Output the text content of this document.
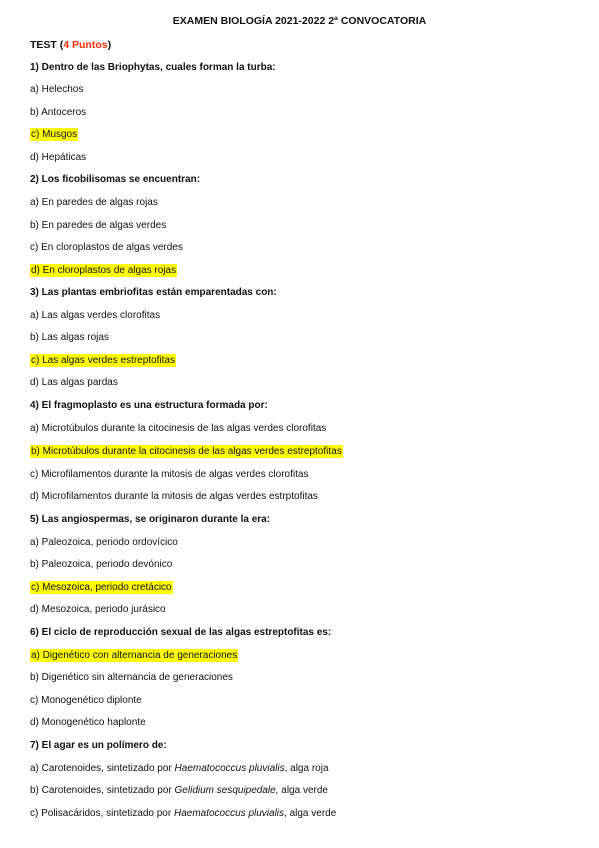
EXAMEN BIOLOGÍA 2021-2022 2ª CONVOCATORIA
TEST (4 Puntos)
1) Dentro de las Briophytas, cuales forman la turba:
a) Helechos
b) Antoceros
c) Musgos
d) Hepáticas
2) Los ficobilisomas se encuentran:
a) En paredes de algas rojas
b) En paredes de algas verdes
c) En cloroplastos de algas verdes
d) En cloroplastos de algas rojas
3) Las plantas embriofitas están emparentadas con:
a) Las algas verdes clorofitas
b) Las algas rojas
c) Las algas verdes estreptofitas
d) Las algas pardas
4) El fragmoplasto es una estructura formada por:
a) Microtúbulos durante la citocinesis de las algas verdes clorofitas
b) Microtúbulos durante la citocinesis de las algas verdes estreptofitas
c) Microfilamentos durante la mitosis de algas verdes clorofitas
d) Microfilamentos durante la mitosis de algas verdes estrptofitas
5) Las angiospermas, se originaron durante la era:
a) Paleozoica, periodo ordovícico
b) Paleozoica, periodo devónico
c) Mesozoica, periodo cretácico
d) Mesozoica, periodo jurásico
6) El ciclo de reproducción sexual de las algas estreptofitas es:
a) Digenético con alternancia de generaciones
b) Digenético sin alternancia de generaciones
c) Monogenético diplonte
d) Monogenético haplonte
7) El agar es un polímero de:
a) Carotenoides, sintetizado por Haematococcus pluvialis, alga roja
b) Carotenoides, sintetizado por Gelidium sesquipedale, alga verde
c) Polisacáridos, sintetizado por Haematococcus pluvialis, alga verde
